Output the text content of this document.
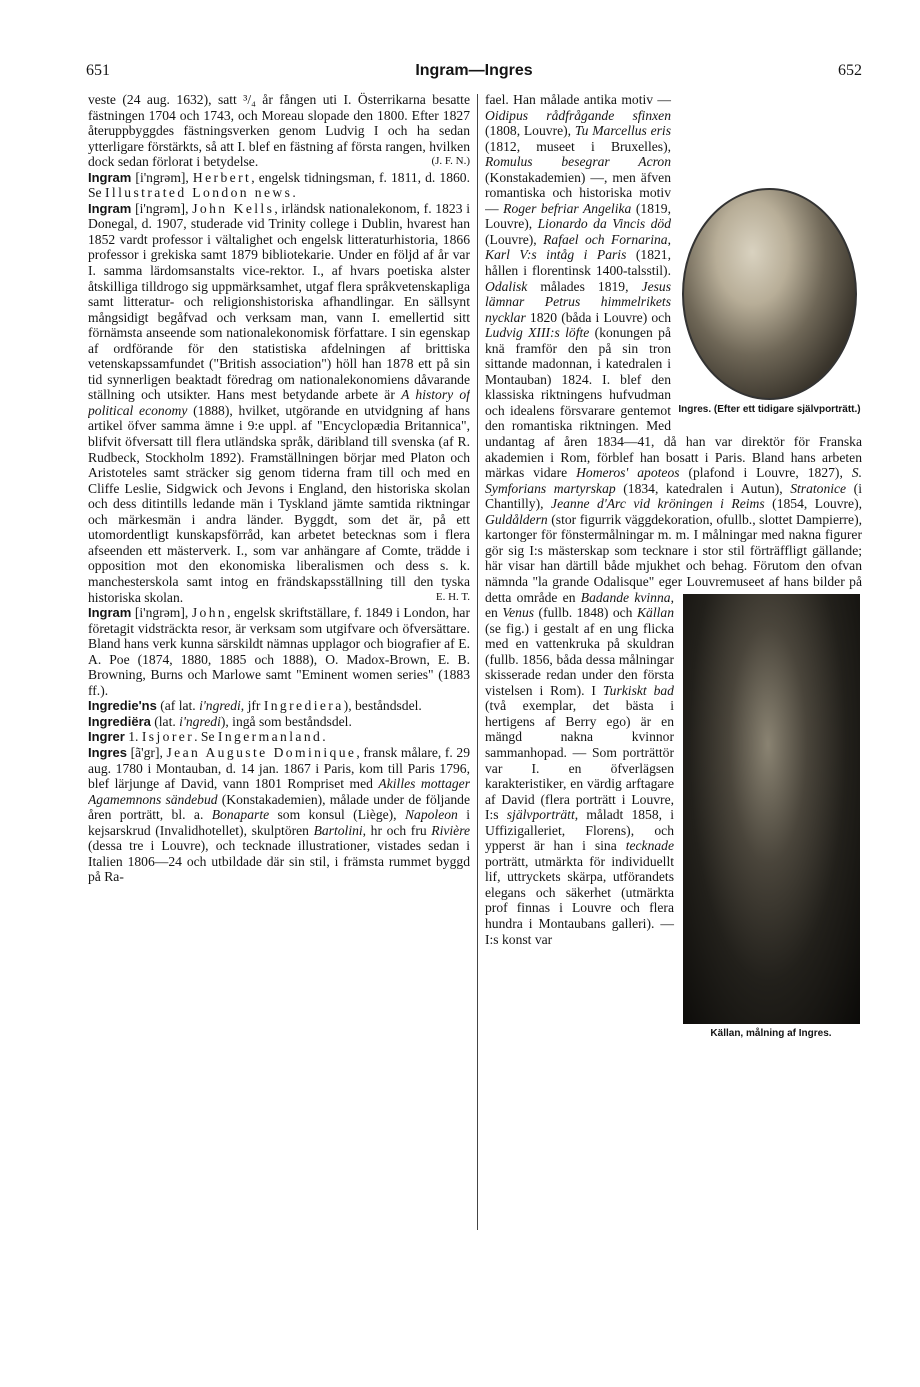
651	Ingram—Ingres	652

veste (24 aug. 1632), satt ³/₄ år fången uti I. Österrikarna besatte fästningen 1704 och 1743, och Moreau slopade den 1800. Efter 1827 återuppbyggdes fästningsverken genom Ludvig I och ha sedan ytterligare förstärkts, så att I. blef en fästning af första rangen, hvilken dock sedan förlorat i betydelse.	(J. F. N.)

Ingram [i'ngrəm], Herbert, engelsk tidningsman, f. 1811, d. 1860. Se Illustrated London news.

Ingram [i'ngrəm], John Kells, irländsk nationalekonom, f. 1823 i Donegal, d. 1907, studerade vid Trinity college i Dublin, hvarest han 1852 vardt professor i vältalighet och engelsk litteraturhistoria, 1866 professor i grekiska samt 1879 bibliotekarie. Under en följd af år var I. samma lärdomsanstalts vice-rektor. I., af hvars poetiska alster åtskilliga tilldrogo sig uppmärksamhet, utgaf flera språkvetenskapliga samt litteratur- och religionshistoriska afhandlingar. En sällsynt mångsidigt begåfvad och verksam man, vann I. emellertid sitt förnämsta anseende som nationalekonomisk författare. I sin egenskap af ordförande för den statistiska afdelningen af brittiska vetenskapssamfundet ("British association") höll han 1878 ett på sin tid synnerligen beaktadt föredrag om nationalekonomiens dåvarande ställning och utsikter. Hans mest betydande arbete är A history of political economy (1888), hvilket, utgörande en utvidgning af hans artikel öfver samma ämne i 9:e uppl. af "Encyclopædia Britannica", blifvit öfversatt till flera utländska språk, däribland till svenska (af R. Rudbeck, Stockholm 1892). Framställningen börjar med Platon och Aristoteles samt sträcker sig genom tiderna fram till och med en Cliffe Leslie, Sidgwick och Jevons i England, den historiska skolan och dess ditintills ledande män i Tyskland jämte samtida riktningar och märkesmän i andra länder. Byggdt, som det är, på ett utomordentligt kunskapsförråd, kan arbetet betecknas som i flera afseenden ett mästerverk. I., som var anhängare af Comte, trädde i opposition mot den ekonomiska liberalismen och dess s. k. manchesterskola samt intog en frändskapsställning till den tyska historiska skolan.	E. H. T.

Ingram [i'ngrəm], John, engelsk skriftställare, f. 1849 i London, har företagit vidsträckta resor, är verksam som utgifvare och öfversättare. Bland hans verk kunna särskildt nämnas upplagor och biografier af E. A. Poe (1874, 1880, 1885 och 1888), O. Madox-Brown, E. B. Browning, Burns och Marlowe samt "Eminent women series" (1883 ff.).

Ingredie'ns (af lat. i'ngredi, jfr Ingrediera), beståndsdel.

Ingrediëra (lat. i'ngredi), ingå som beståndsdel.

Ingrer 1. Isjorer. Se Ingermanland.

Ingres [ã'gr], Jean Auguste Dominique, fransk målare, f. 29 aug. 1780 i Montauban, d. 14 jan. 1867 i Paris, kom till Paris 1796, blef lärjunge af David, vann 1801 Rompriset med Akilles mottager Agamemnons sändebud (Konstakademien), målade under de följande åren porträtt, bl. a. Bonaparte som konsul (Liège), Napoleon i kejsarskrud (Invalidhotellet), skulptören Bartolini, hr och fru Rivière (dessa tre i Louvre), och tecknade illustrationer, vistades sedan i Italien 1806—24 och utbildade där sin stil, i främsta rummet byggd på Ra-

Ingres. (Efter ett tidigare självporträtt.)

fael. Han målade antika motiv — Oidipus rådfrågande sfinxen (1808, Louvre), Tu Marcellus eris (1812, museet i Bruxelles), Romulus besegrar Acron (Konstakademien) —, men äfven romantiska och historiska motiv — Roger befriar Angelika (1819, Louvre), Lionardo da Vincis död (Louvre), Rafael och Fornarina, Karl V:s intåg i Paris (1821, hållen i florentinsk 1400-talsstil). Odalisk målades 1819, Jesus lämnar Petrus himmelrikets nycklar 1820 (båda i Louvre) och Ludvig XIII:s löfte (konungen på knä framför den på sin tron sittande madonnan, i katedralen i Montauban) 1824. I. blef den klassiska riktningens hufvudman och idealens försvarare gentemot den romantiska riktningen. Med undantag af åren 1834—41, då han var direktör för Franska akademien i Rom, förblef han bosatt i Paris. Bland hans arbeten märkas vidare Homeros' apoteos (plafond i Louvre, 1827), S. Symforians martyrskap (1834, katedralen i Autun), Stratonice (i Chantilly), Jeanne d'Arc vid kröningen i Reims (1854, Louvre), Guldåldern (stor figurrik väggdekoration, ofullb., slottet Dampierre), kartonger för fönstermålningar m. m. I målningar med nakna figurer gör sig I:s mästerskap som tecknare i stor stil förträffligt gällande; här visar han därtill både mjukhet och behag. Förutom den ofvan nämnda "la grande Odalisque" eger Louvremuseet af hans bilder på detta område en
Källan, målning af Ingres.
Badande kvinna, en Venus (fullb. 1848) och Källan (se fig.) i gestalt af en ung flicka med en vattenkruka på skuldran (fullb. 1856, båda dessa målningar skisserade redan under den första vistelsen i Rom). I Turkiskt bad (två exemplar, det bästa i hertigens af Berry ego) är en mängd nakna kvinnor sammanhopad. — Som porträttör var I. en öfverlägsen karakteristiker, en värdig arftagare af David (flera porträtt i Louvre, I:s självporträtt, måladt 1858, i Uffizigalleriet, Florens), och ypperst är han i sina tecknade porträtt, utmärkta för individuellt lif, uttryckets skärpa, utförandets elegans och säkerhet (utmärkta prof finnas i Louvre och flera hundra i Montaubans galleri). — I:s konst var
